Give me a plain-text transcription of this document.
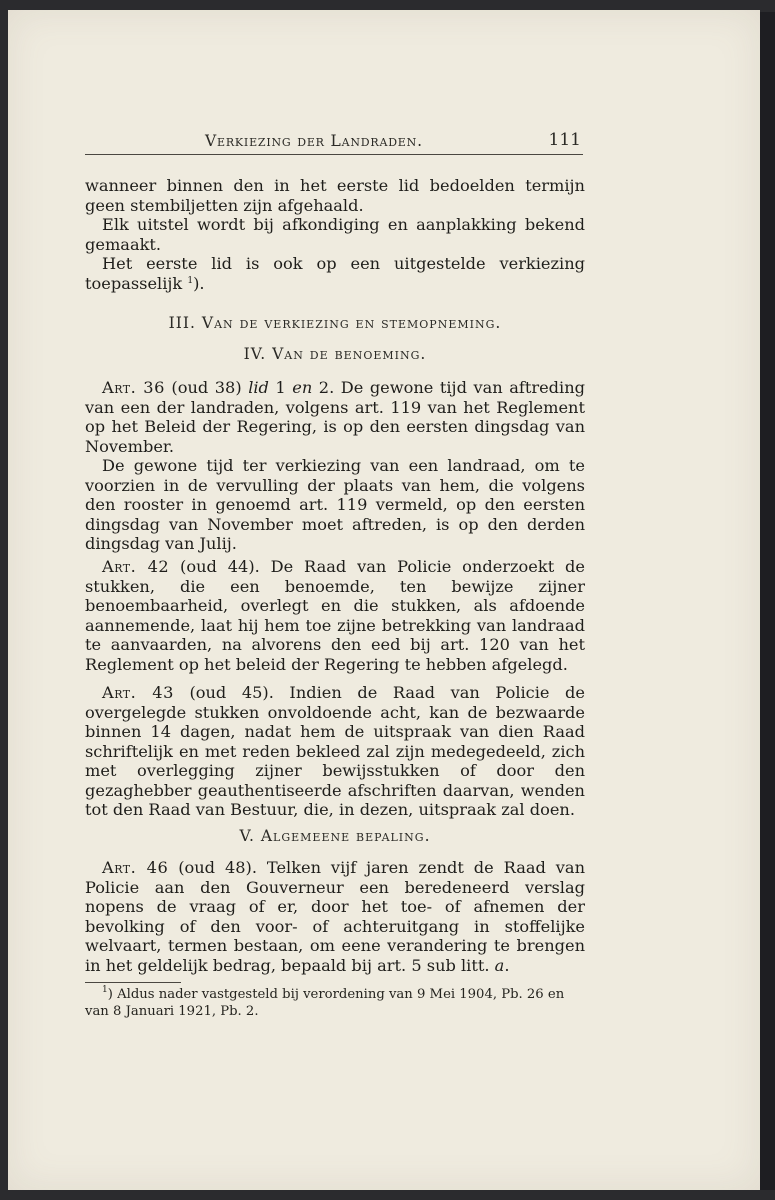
Verkiezing der Landraden.	111

wanneer binnen den in het eerste lid bedoelden termijn geen stembiljetten zijn afgehaald.

Elk uitstel wordt bij afkondiging en aanplakking bekend gemaakt.

Het eerste lid is ook op een uitgestelde verkiezing toepasselijk $^1$).

III. Van de verkiezing en stemopneming.

IV. Van de benoeming.

Art. 36 (oud 38) lid 1 en 2. De gewone tijd van aftreding van een der landraden, volgens art. 119 van het Reglement op het Beleid der Regering, is op den eersten dingsdag van November.

De gewone tijd ter verkiezing van een landraad, om te voorzien in de vervulling der plaats van hem, die volgens den rooster in genoemd art. 119 vermeld, op den eersten dingsdag van November moet aftreden, is op den derden dingsdag van Julij.

Art. 42 (oud 44). De Raad van Policie onderzoekt de stukken, die een benoemde, ten bewijze zijner benoembaarheid, overlegt en die stukken, als afdoende aannemende, laat hij hem toe zijne betrekking van landraad te aanvaarden, na alvorens den eed bij art. 120 van het Reglement op het beleid der Regering te hebben afgelegd.

Art. 43 (oud 45). Indien de Raad van Policie de overgelegde stukken onvoldoende acht, kan de bezwaarde binnen 14 dagen, nadat hem de uitspraak van dien Raad schriftelijk en met reden bekleed zal zijn medegedeeld, zich met overlegging zijner bewijsstukken of door den gezaghebber geauthentiseerde afschriften daarvan, wenden tot den Raad van Bestuur, die, in dezen, uitspraak zal doen.

V. Algemeene bepaling.

Art. 46 (oud 48). Telken vijf jaren zendt de Raad van Policie aan den Gouverneur een beredeneerd verslag nopens de vraag of er, door het toe- of afnemen der bevolking of den voor- of achteruitgang in stoffelijke welvaart, termen bestaan, om eene verandering te brengen in het geldelijk bedrag, bepaald bij art. 5 sub litt. a.

$^1$) Aldus nader vastgesteld bij verordening van 9 Mei 1904, Pb. 26 en van 8 Januari 1921, Pb. 2.
